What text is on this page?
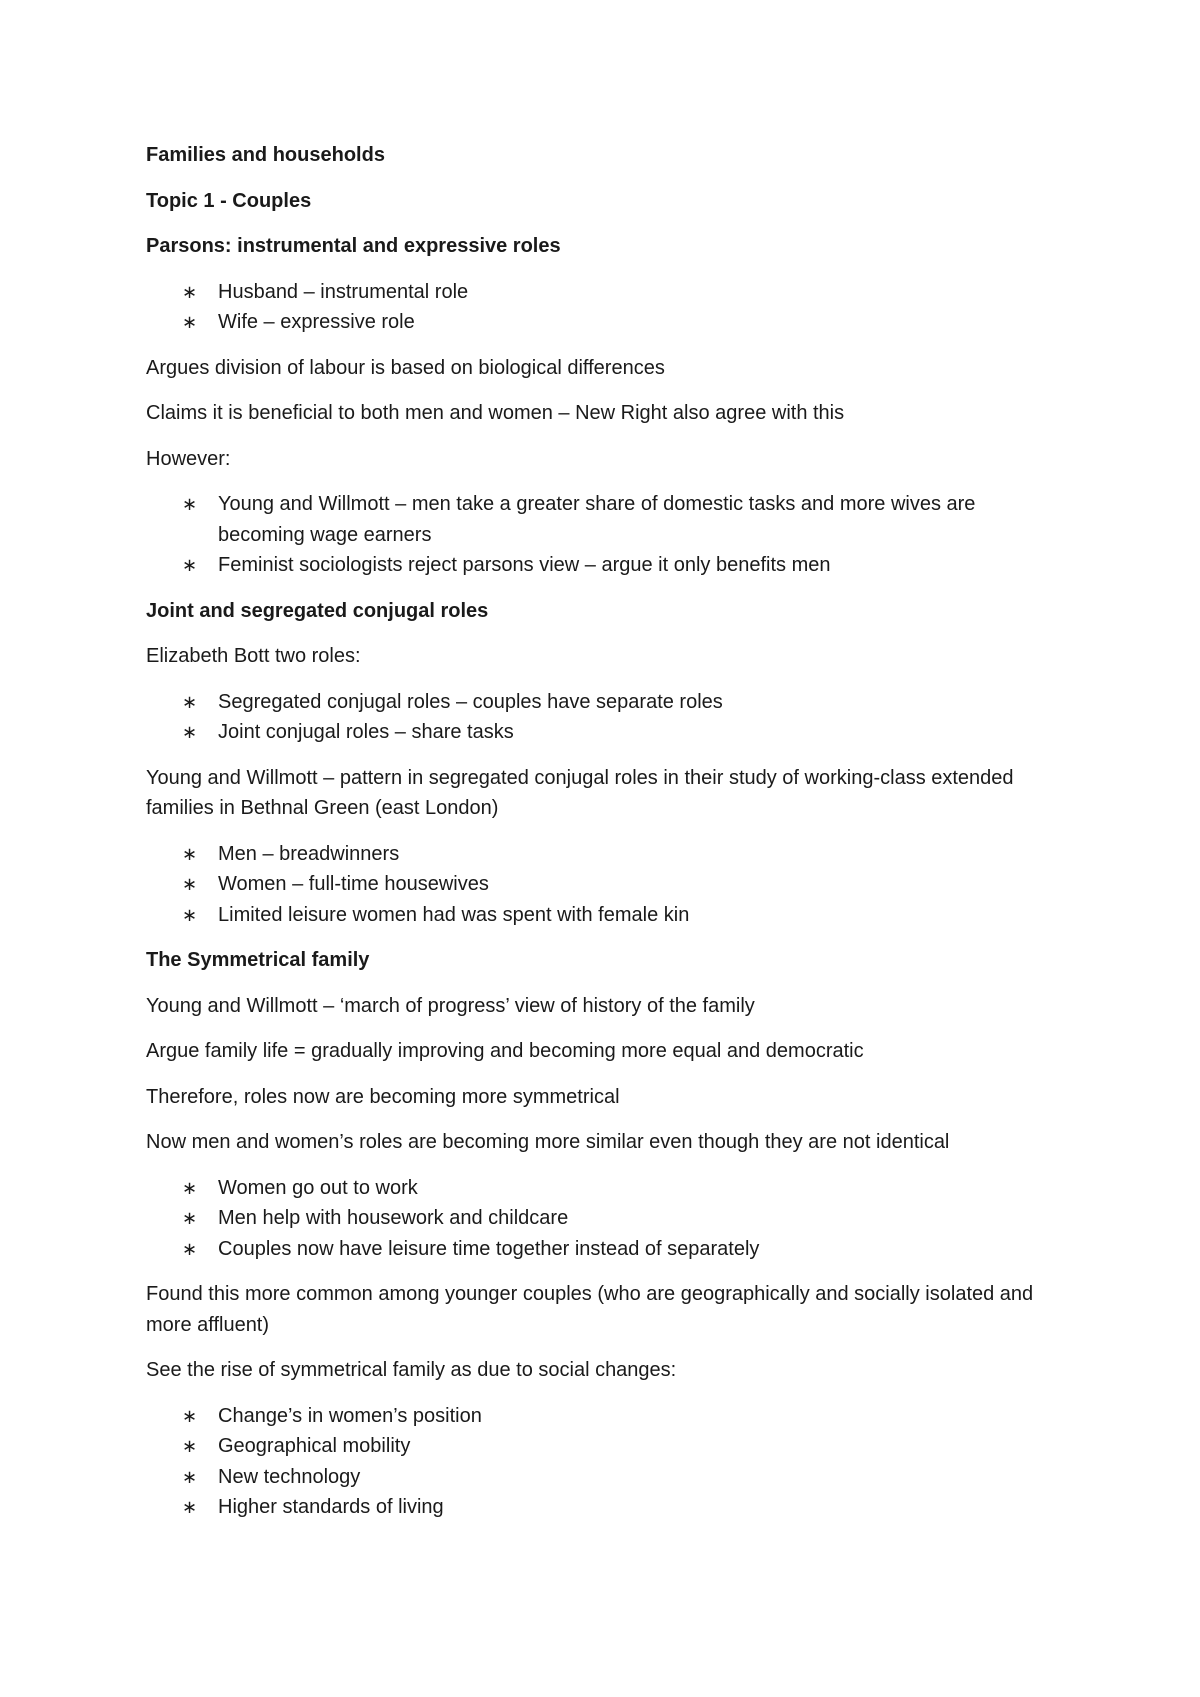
Families and households
Topic 1 - Couples
Parsons: instrumental and expressive roles
∗ Husband – instrumental role
∗ Wife – expressive role
Argues division of labour is based on biological differences
Claims it is beneficial to both men and women – New Right also agree with this
However:
∗ Young and Willmott – men take a greater share of domestic tasks and more wives are becoming wage earners
∗ Feminist sociologists reject parsons view – argue it only benefits men
Joint and segregated conjugal roles
Elizabeth Bott two roles:
∗ Segregated conjugal roles – couples have separate roles
∗ Joint conjugal roles – share tasks
Young and Willmott – pattern in segregated conjugal roles in their study of working-class extended families in Bethnal Green (east London)
∗ Men – breadwinners
∗ Women – full-time housewives
∗ Limited leisure women had was spent with female kin
The Symmetrical family
Young and Willmott – ‘march of progress’ view of history of the family
Argue family life = gradually improving and becoming more equal and democratic
Therefore, roles now are becoming more symmetrical
Now men and women’s roles are becoming more similar even though they are not identical
∗ Women go out to work
∗ Men help with housework and childcare
∗ Couples now have leisure time together instead of separately
Found this more common among younger couples (who are geographically and socially isolated and more affluent)
See the rise of symmetrical family as due to social changes:
∗ Change’s in women’s position
∗ Geographical mobility
∗ New technology
∗ Higher standards of living
